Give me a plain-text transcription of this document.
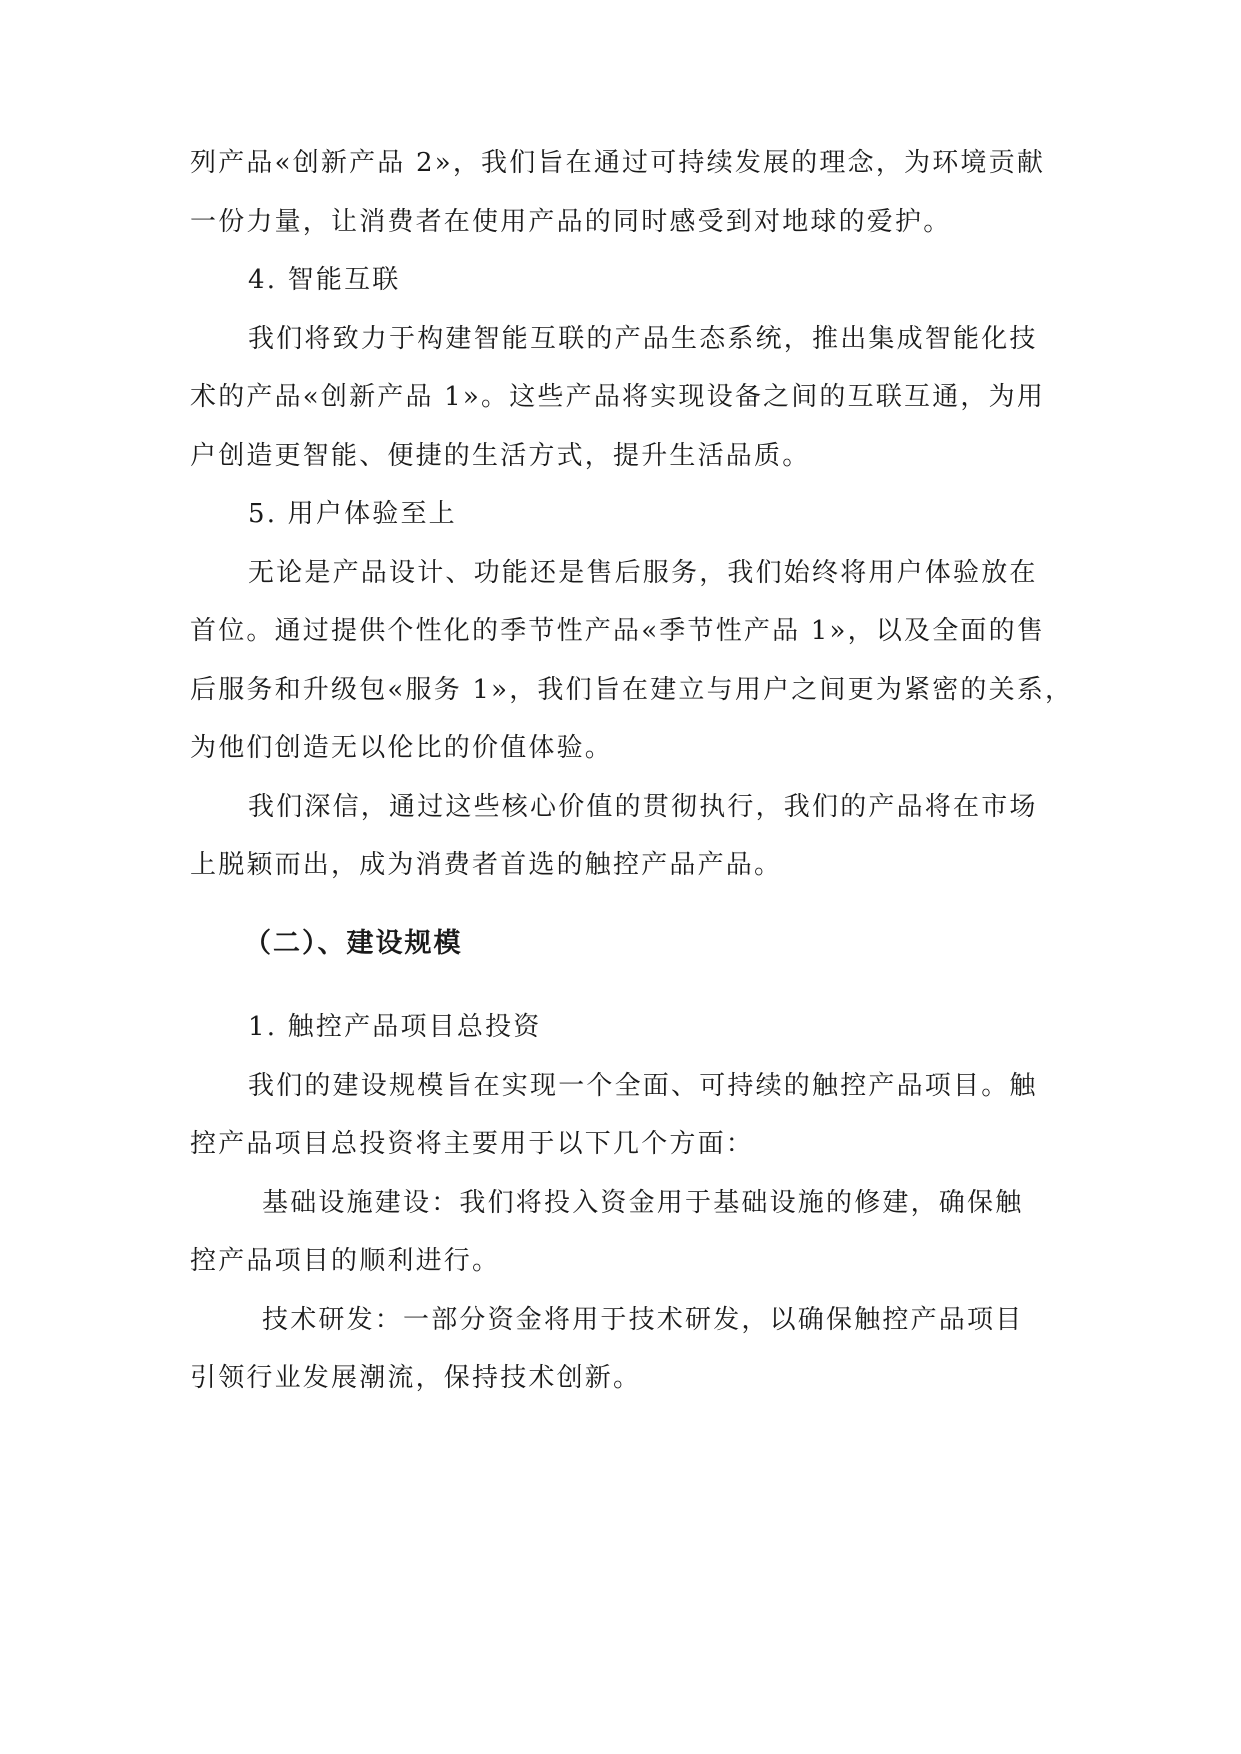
列产品«创新产品 2»，我们旨在通过可持续发展的理念，为环境贡献
一份力量，让消费者在使用产品的同时感受到对地球的爱护。
4. 智能互联
我们将致力于构建智能互联的产品生态系统，推出集成智能化技
术的产品«创新产品 1»。这些产品将实现设备之间的互联互通，为用
户创造更智能、便捷的生活方式，提升生活品质。
5. 用户体验至上
无论是产品设计、功能还是售后服务，我们始终将用户体验放在
首位。通过提供个性化的季节性产品«季节性产品 1»，以及全面的售
后服务和升级包«服务 1»，我们旨在建立与用户之间更为紧密的关系，
为他们创造无以伦比的价值体验。
我们深信，通过这些核心价值的贯彻执行，我们的产品将在市场
上脱颖而出，成为消费者首选的触控产品产品。
（二）、建设规模
1. 触控产品项目总投资
我们的建设规模旨在实现一个全面、可持续的触控产品项目。触
控产品项目总投资将主要用于以下几个方面：
基础设施建设：我们将投入资金用于基础设施的修建，确保触
控产品项目的顺利进行。
技术研发：一部分资金将用于技术研发，以确保触控产品项目
引领行业发展潮流，保持技术创新。
